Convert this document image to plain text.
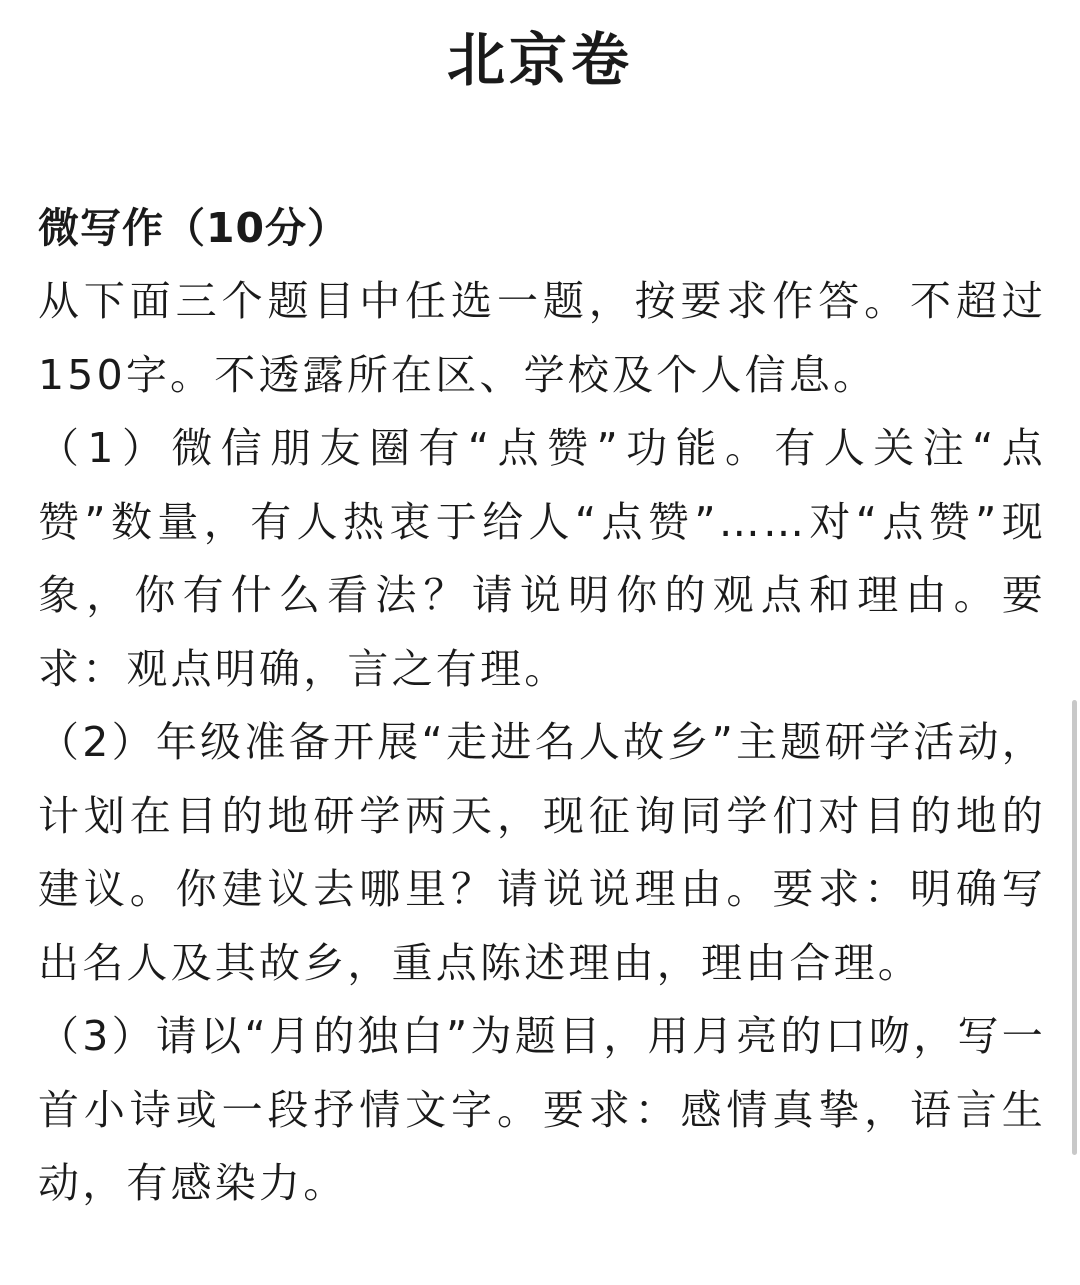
北京卷
微写作（10分）

从下面三个题目中任选一题，按要求作答。不超过150字。不透露所在区、学校及个人信息。

（1）微信朋友圈有“点赞”功能。有人关注“点赞”数量，有人热衷于给人“点赞”……对“点赞”现象，你有什么看法？请说明你的观点和理由。要求：观点明确，言之有理。

（2）年级准备开展“走进名人故乡”主题研学活动，计划在目的地研学两天，现征询同学们对目的地的建议。你建议去哪里？请说说理由。要求：明确写出名人及其故乡，重点陈述理由，理由合理。

（3）请以“月的独白”为题目，用月亮的口吻，写一首小诗或一段抒情文字。要求：感情真挚，语言生动，有感染力。
